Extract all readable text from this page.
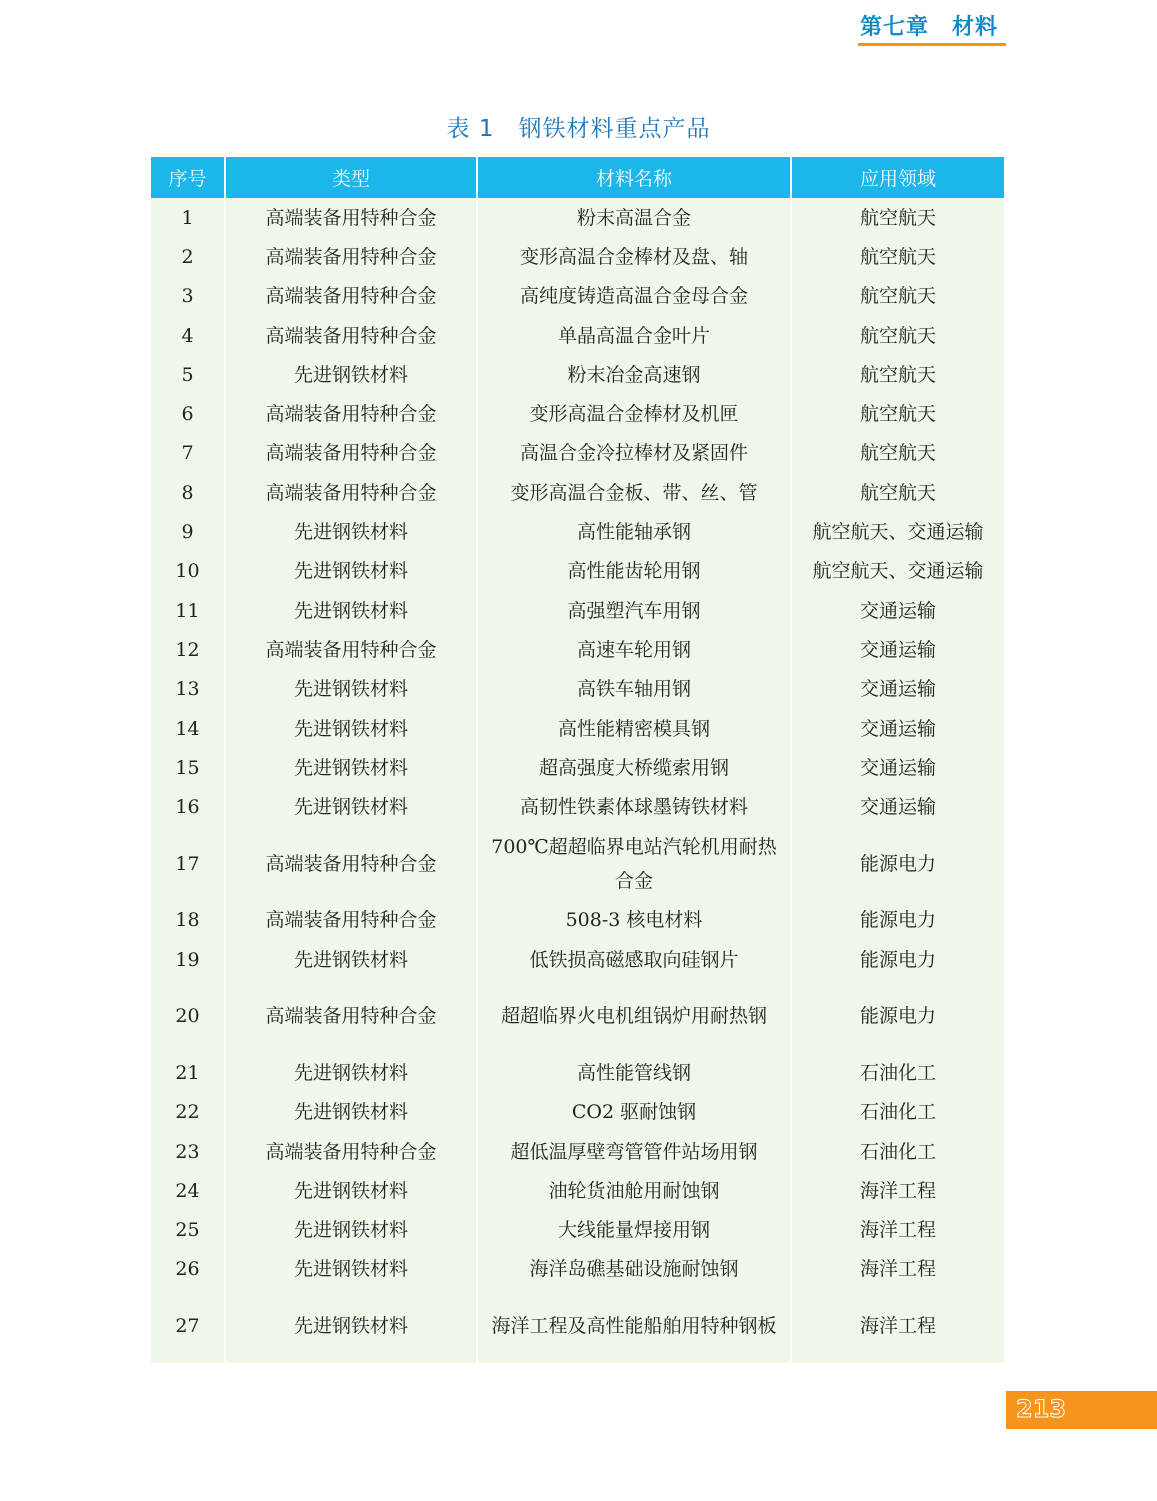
第七章　材料
表 1　钢铁材料重点产品
序号	类型	材料名称	应用领域
1	高端装备用特种合金	粉末高温合金	航空航天
2	高端装备用特种合金	变形高温合金棒材及盘、轴	航空航天
3	高端装备用特种合金	高纯度铸造高温合金母合金	航空航天
4	高端装备用特种合金	单晶高温合金叶片	航空航天
5	先进钢铁材料	粉末冶金高速钢	航空航天
6	高端装备用特种合金	变形高温合金棒材及机匣	航空航天
7	高端装备用特种合金	高温合金冷拉棒材及紧固件	航空航天
8	高端装备用特种合金	变形高温合金板、带、丝、管	航空航天
9	先进钢铁材料	高性能轴承钢	航空航天、交通运输
10	先进钢铁材料	高性能齿轮用钢	航空航天、交通运输
11	先进钢铁材料	高强塑汽车用钢	交通运输
12	高端装备用特种合金	高速车轮用钢	交通运输
13	先进钢铁材料	高铁车轴用钢	交通运输
14	先进钢铁材料	高性能精密模具钢	交通运输
15	先进钢铁材料	超高强度大桥缆索用钢	交通运输
16	先进钢铁材料	高韧性铁素体球墨铸铁材料	交通运输
17	高端装备用特种合金	700℃超超临界电站汽轮机用耐热合金	能源电力
18	高端装备用特种合金	508-3 核电材料	能源电力
19	先进钢铁材料	低铁损高磁感取向硅钢片	能源电力
20	高端装备用特种合金	超超临界火电机组锅炉用耐热钢	能源电力
21	先进钢铁材料	高性能管线钢	石油化工
22	先进钢铁材料	CO2 驱耐蚀钢	石油化工
23	高端装备用特种合金	超低温厚壁弯管管件站场用钢	石油化工
24	先进钢铁材料	油轮货油舱用耐蚀钢	海洋工程
25	先进钢铁材料	大线能量焊接用钢	海洋工程
26	先进钢铁材料	海洋岛礁基础设施耐蚀钢	海洋工程
27	先进钢铁材料	海洋工程及高性能船舶用特种钢板	海洋工程
213
